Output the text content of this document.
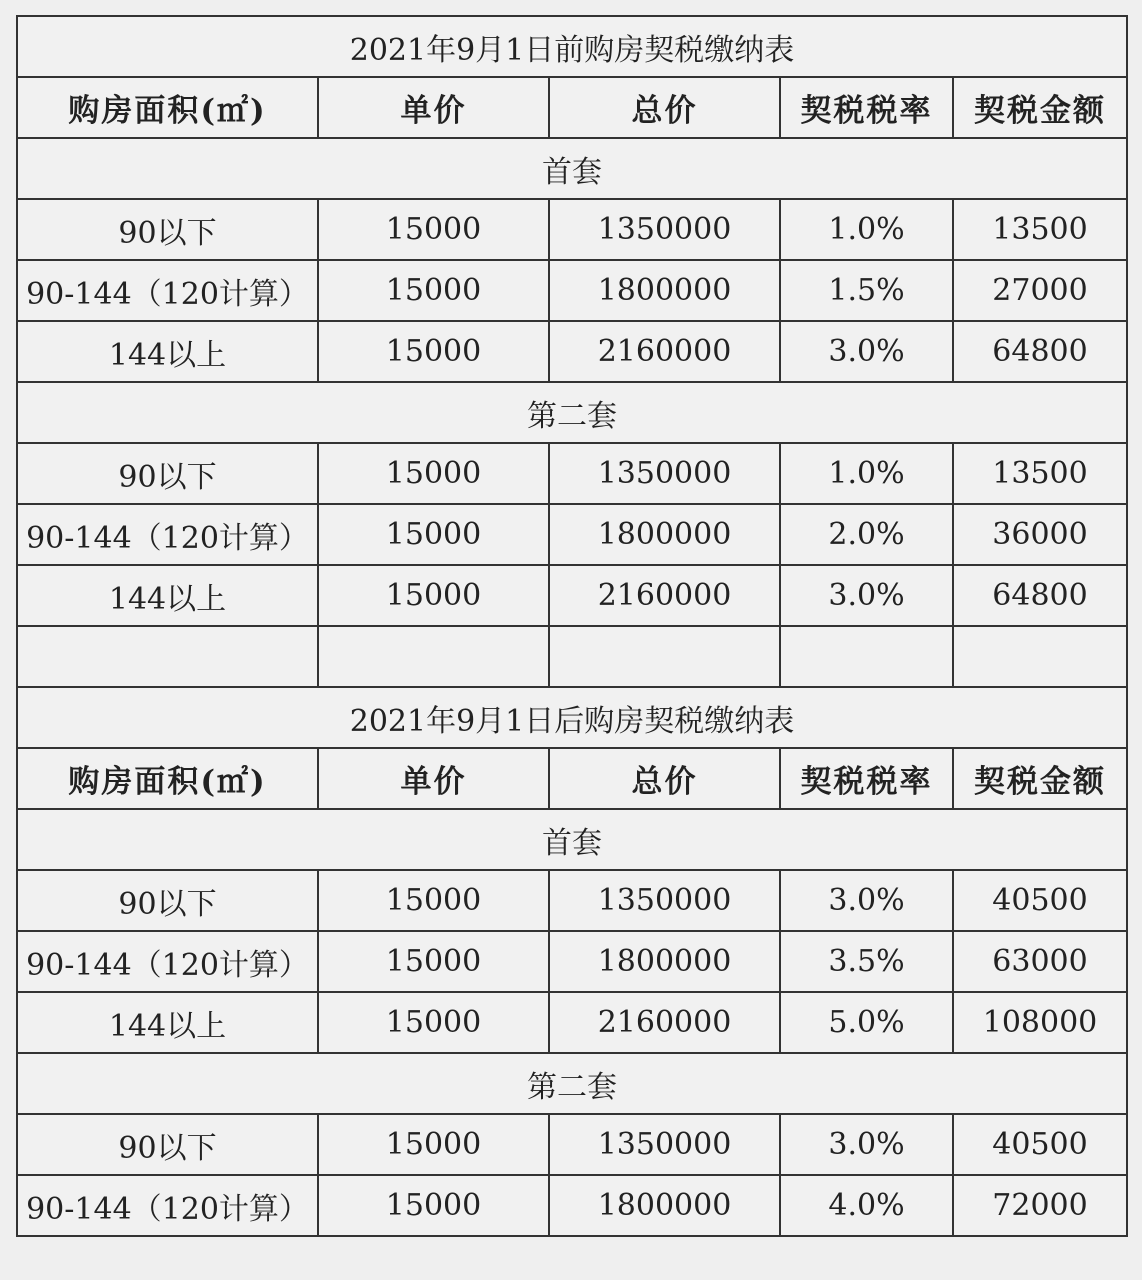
2021年9月1日前购房契税缴纳表				
购房面积(㎡)	单价	总价	契税税率	契税金额
首套				
90以下	15000	1350000	1.0%	13500
90-144（120计算）	15000	1800000	1.5%	27000
144以上	15000	2160000	3.0%	64800
第二套				
90以下	15000	1350000	1.0%	13500
90-144（120计算）	15000	1800000	2.0%	36000
144以上	15000	2160000	3.0%	64800

2021年9月1日后购房契税缴纳表				
购房面积(㎡)	单价	总价	契税税率	契税金额
首套				
90以下	15000	1350000	3.0%	40500
90-144（120计算）	15000	1800000	3.5%	63000
144以上	15000	2160000	5.0%	108000
第二套				
90以下	15000	1350000	3.0%	40500
90-144（120计算）	15000	1800000	4.0%	72000
